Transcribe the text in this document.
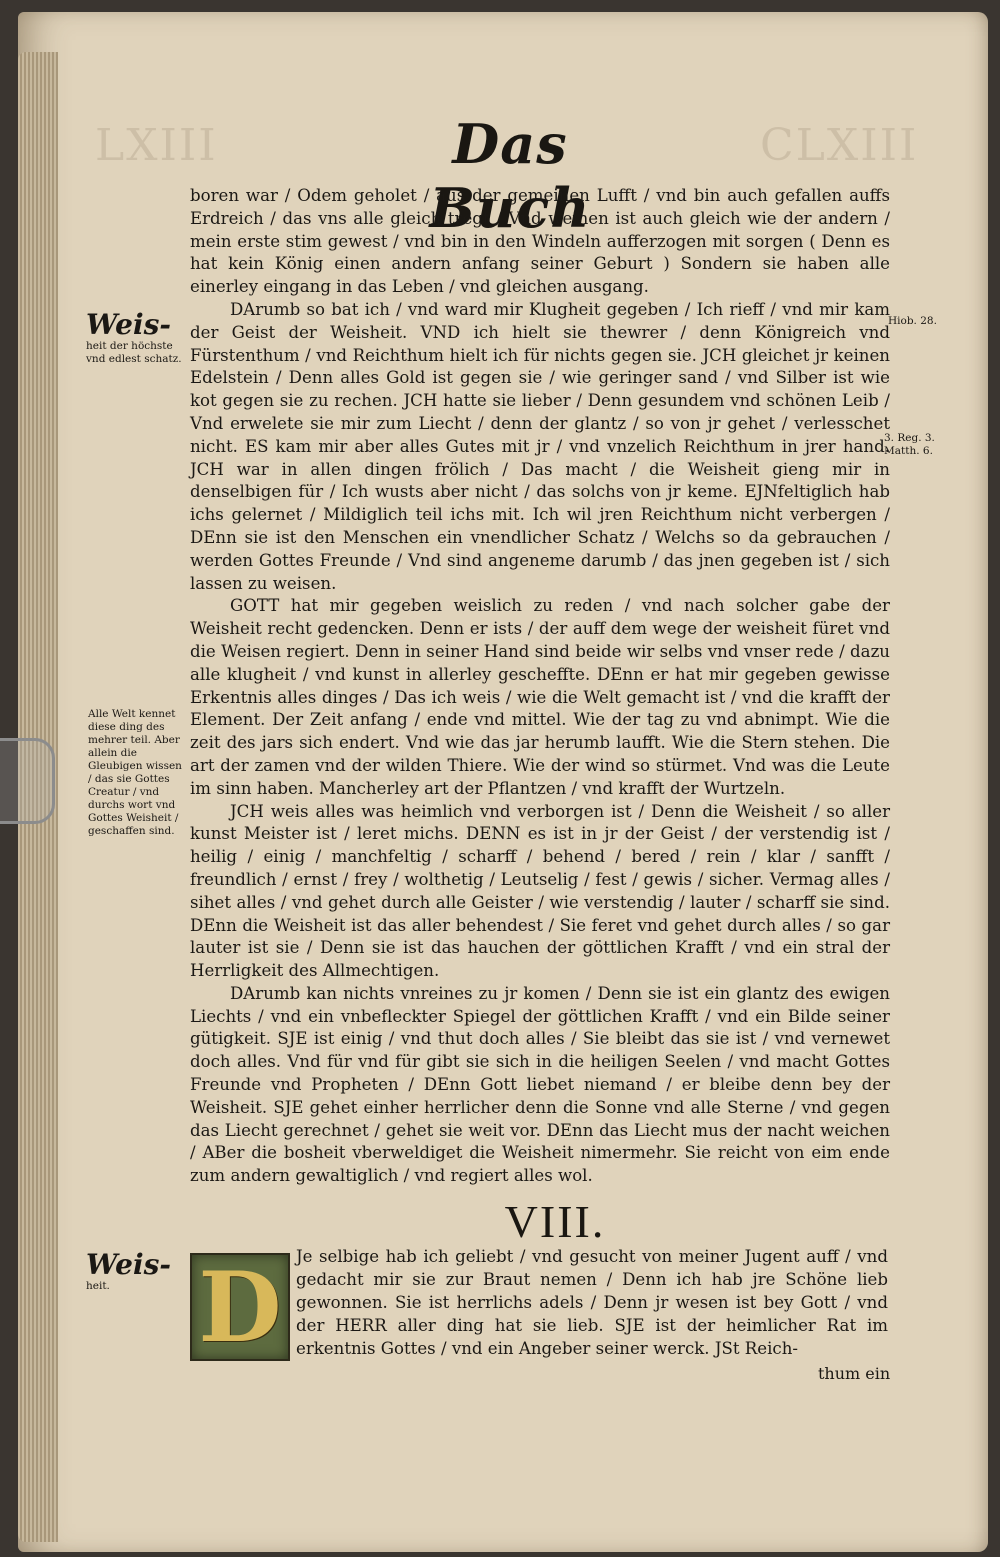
LXIII	CLXIII
Das Buch

boren war / Odem geholet / aus der gemeinen Lufft / vnd bin auch gefallen auffs Erdreich / das vns alle gleich tregt / Vnd weinen ist auch gleich wie der andern / mein erste stim gewest / vnd bin in den Windeln aufferzogen mit sorgen ( Denn es hat kein König einen andern anfang seiner Geburt ) Sondern sie haben alle einerley eingang in das Leben / vnd gleichen ausgang.

DArumb so bat ich / vnd ward mir Klugheit gegeben / Ich rieff / vnd mir kam der Geist der Weisheit. VND ich hielt sie thewrer / denn Königreich vnd Fürstenthum / vnd Reichthum hielt ich für nichts gegen sie. JCH gleichet jr keinen Edelstein / Denn alles Gold ist gegen sie / wie geringer sand / vnd Silber ist wie kot gegen sie zu rechen. JCH hatte sie lieber / Denn gesundem vnd schönen Leib / Vnd erwelete sie mir zum Liecht / denn der glantz / so von jr gehet / verlesschet nicht. ES kam mir aber alles Gutes mit jr / vnd vnzelich Reichthum in jrer hand. JCH war in allen dingen frölich / Das macht / die Weisheit gieng mir in denselbigen für / Ich wusts aber nicht / das solchs von jr keme. EJNfeltiglich hab ichs gelernet / Mildiglich teil ichs mit. Ich wil jren Reichthum nicht verbergen / DEnn sie ist den Menschen ein vnendlicher Schatz / Welchs so da gebrauchen / werden Gottes Freunde / Vnd sind angeneme darumb / das jnen gegeben ist / sich lassen zu weisen.

GOTT hat mir gegeben weislich zu reden / vnd nach solcher gabe der Weisheit recht gedencken. Denn er ists / der auff dem wege der weisheit füret vnd die Weisen regiert. Denn in seiner Hand sind beide wir selbs vnd vnser rede / dazu alle klugheit / vnd kunst in allerley gescheffte. DEnn er hat mir gegeben gewisse Erkentnis alles dinges / Das ich weis / wie die Welt gemacht ist / vnd die krafft der Element. Der Zeit anfang / ende vnd mittel. Wie der tag zu vnd abnimpt. Wie die zeit des jars sich endert. Vnd wie das jar herumb laufft. Wie die Stern stehen. Die art der zamen vnd der wilden Thiere. Wie der wind so stürmet. Vnd was die Leute im sinn haben. Mancherley art der Pflantzen / vnd krafft der Wurtzeln.

JCH weis alles was heimlich vnd verborgen ist / Denn die Weisheit / so aller kunst Meister ist / leret michs. DENN es ist in jr der Geist / der verstendig ist / heilig / einig / manchfeltig / scharff / behend / bered / rein / klar / sanfft / freundlich / ernst / frey / wolthetig / Leutselig / fest / gewis / sicher. Vermag alles / sihet alles / vnd gehet durch alle Geister / wie verstendig / lauter / scharff sie sind. DEnn die Weisheit ist das aller behendest / Sie feret vnd gehet durch alles / so gar lauter ist sie / Denn sie ist das hauchen der göttlichen Krafft / vnd ein stral der Herrligkeit des Allmechtigen.

DArumb kan nichts vnreines zu jr komen / Denn sie ist ein glantz des ewigen Liechts / vnd ein vnbefleckter Spiegel der göttlichen Krafft / vnd ein Bilde seiner gütigkeit. SJE ist einig / vnd thut doch alles / Sie bleibt das sie ist / vnd vernewet doch alles. Vnd für vnd für gibt sie sich in die heiligen Seelen / vnd macht Gottes Freunde vnd Propheten / DEnn Gott liebet niemand / er bleibe denn bey der Weisheit. SJE gehet einher herrlicher denn die Sonne vnd alle Sterne / vnd gegen das Liecht gerechnet / gehet sie weit vor. DEnn das Liecht mus der nacht weichen / ABer die bosheit vberweldiget die Weisheit nimermehr. Sie reicht von eim ende zum andern gewaltiglich / vnd regiert alles wol.

VIII.
D Je selbige hab ich geliebt / vnd gesucht von meiner Jugent auff / vnd gedacht mir sie zur Braut nemen / Denn ich hab jre Schöne lieb gewonnen. Sie ist herrlichs adels / Denn jr wesen ist bey Gott / vnd der HERR aller ding hat sie lieb. SJE ist der heimlicher Rat im erkentnis Gottes / vnd ein Angeber seiner werck. JSt Reich-
thum ein
Weis-
heit der höchste vnd edlest schatz.
Alle Welt kennet diese ding des mehrer teil. Aber allein die Gleubigen wissen / das sie Gottes Creatur / vnd durchs wort vnd Gottes Weisheit / geschaffen sind.
Weis-
heit.
Hiob. 28.
3. Reg. 3. Matth. 6.
